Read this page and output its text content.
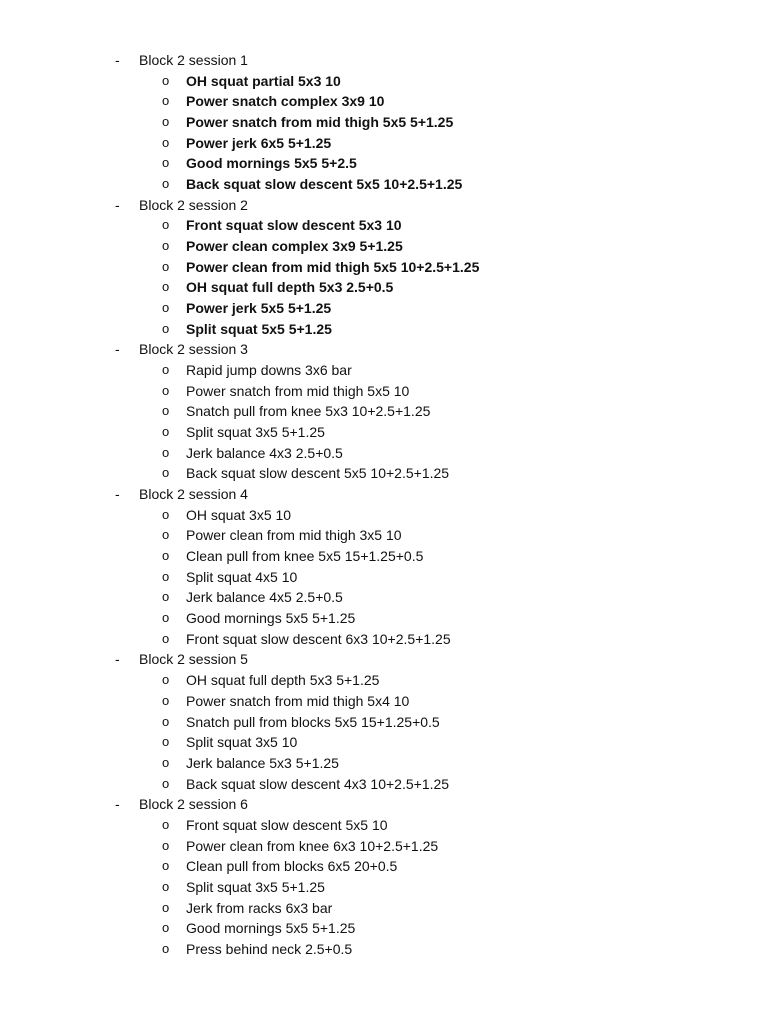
- Block 2 session 1
o OH squat partial 5x3 10
o Power snatch complex 3x9 10
o Power snatch from mid thigh 5x5 5+1.25
o Power jerk 6x5 5+1.25
o Good mornings 5x5 5+2.5
o Back squat slow descent 5x5 10+2.5+1.25
- Block 2 session 2
o Front squat slow descent 5x3 10
o Power clean complex 3x9 5+1.25
o Power clean from mid thigh 5x5 10+2.5+1.25
o OH squat full depth 5x3 2.5+0.5
o Power jerk 5x5 5+1.25
o Split squat 5x5 5+1.25
- Block 2 session 3
o Rapid jump downs 3x6 bar
o Power snatch from mid thigh 5x5 10
o Snatch pull from knee 5x3 10+2.5+1.25
o Split squat 3x5 5+1.25
o Jerk balance 4x3 2.5+0.5
o Back squat slow descent 5x5 10+2.5+1.25
- Block 2 session 4
o OH squat 3x5 10
o Power clean from mid thigh 3x5 10
o Clean pull from knee 5x5 15+1.25+0.5
o Split squat 4x5 10
o Jerk balance 4x5 2.5+0.5
o Good mornings 5x5 5+1.25
o Front squat slow descent 6x3 10+2.5+1.25
- Block 2 session 5
o OH squat full depth 5x3 5+1.25
o Power snatch from mid thigh 5x4 10
o Snatch pull from blocks 5x5 15+1.25+0.5
o Split squat 3x5 10
o Jerk balance 5x3 5+1.25
o Back squat slow descent 4x3 10+2.5+1.25
- Block 2 session 6
o Front squat slow descent 5x5 10
o Power clean from knee 6x3 10+2.5+1.25
o Clean pull from blocks 6x5 20+0.5
o Split squat 3x5 5+1.25
o Jerk from racks 6x3 bar
o Good mornings 5x5 5+1.25
o Press behind neck 2.5+0.5
